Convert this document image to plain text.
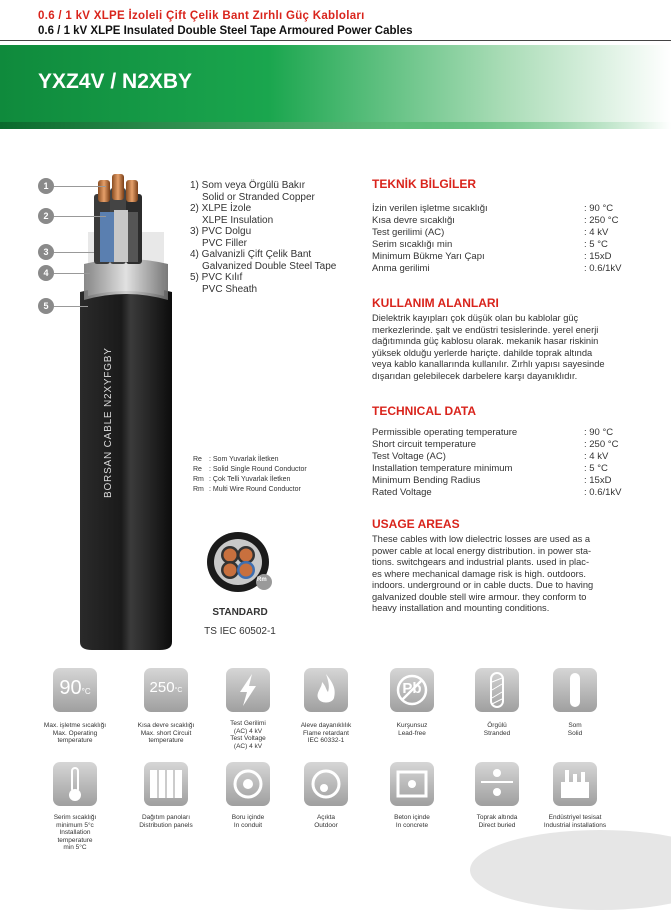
0.6 / 1 kV XLPE İzoleli Çift Çelik Bant Zırhlı Güç Kabloları
0.6 / 1 kV XLPE Insulated Double Steel Tape Armoured Power Cables
YXZ4V / N2XBY
BORSAN CABLE N2XYFGBY
1
2
3
4
5
1) Som veya Örgülü Bakır
Solid or Stranded Copper
2) XLPE İzole
XLPE Insulation
3) PVC Dolgu
PVC Filler
4) Galvanizli Çift Çelik Bant
Galvanized Double Steel Tape
5) PVC Kılıf
PVC Sheath
Re : Som Yuvarlak İletken
Re : Solid Single Round Conductor
Rm : Çok Telli Yuvarlak İletken
Rm : Multi Wire Round Conductor
Rm
STANDARD
TS IEC 60502-1
TEKNİK BİLGİLER
İzin verilen işletme sıcaklığı	: 90 °C
Kısa devre sıcaklığı	: 250 °C
Test gerilimi (AC)	: 4 kV
Serim sıcaklığı min	: 5 °C
Minimum Bükme Yarı Çapı	: 15xD
Anma gerilimi	: 0.6/1kV
KULLANIM ALANLARI
Dielektrik kayıpları çok düşük olan bu kablolar güç
merkezlerinde. şalt ve endüstri tesislerinde. yerel enerji
dağıtımında güç kablosu olarak. mekanik hasar riskinin
yüksek olduğu yerlerde hariçte. dahilde toprak altında
veya kablo kanallarında kullanılır. Zırhlı yapısı sayesinde
dışarıdan gelebilecek darbelere karşı dayanıklıdır.
TECHNICAL DATA
Permissible operating temperature	: 90 °C
Short circuit temperature	: 250 °C
Test Voltage (AC)	: 4 kV
Installation temperature minimum	: 5 °C
Minimum Bending Radius	: 15xD
Rated Voltage	: 0.6/1kV
USAGE AREAS
These cables with low dielectric losses are used as a
power cable at local energy distribution. in power sta-
tions. switchgears and industrial plants. used in plac-
es where mechanical damage risk is high. outdoors.
indoors. underground or in cable ducts. Due to having
galvanized double stell wire armour. they conform to
heavy installation and mounting conditions.
90°C
Max. işletme sıcaklığı
Max. Operating
temperature
250°C
Kısa devre sıcaklığı
Max. short Circuit
temperature
Test Gerilimi
(AC) 4 kV
Test Voltage
(AC) 4 kV
Aleve dayanıklılık
Flame retardant
IEC 60332-1
Pb
Kurşunsuz
Lead-free
Örgülü
Stranded
Som
Solid
Serim sıcaklığı
minimum 5°c
Installation
temperature
min 5°C
Dağıtım panoları
Distribution panels
Boru içinde
In conduit
Açıkta
Outdoor
Beton içinde
In concrete
Toprak altında
Direct buried
Endüstriyel tesisat
Industrial installations
